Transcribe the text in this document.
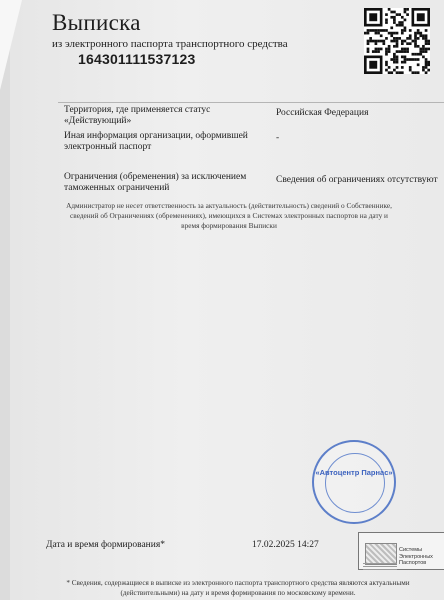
Выписка
из электронного паспорта транспортного средства
164301111537123
Территория, где применяется статус «Действующий»
Российская Федерация
Иная информация организации, оформившей электронный паспорт
-
Ограничения (обременения) за исключением таможенных ограничений
Сведения об ограничениях отсутствуют
Администратор не несет ответственность за актуальность (действительность) сведений о Собственнике, сведений об Ограничениях (обременениях), имеющихся в Системах электронных паспортов на дату и время формирования Выписки
«Автоцентр Парнас»
Дата и время формирования*	17.02.2025 14:27	Системы Электронных Паспортов
* Сведения, содержащиеся в выписке из электронного паспорта транспортного средства являются актуальными (действительными) на дату и время формирования по московскому времени.
